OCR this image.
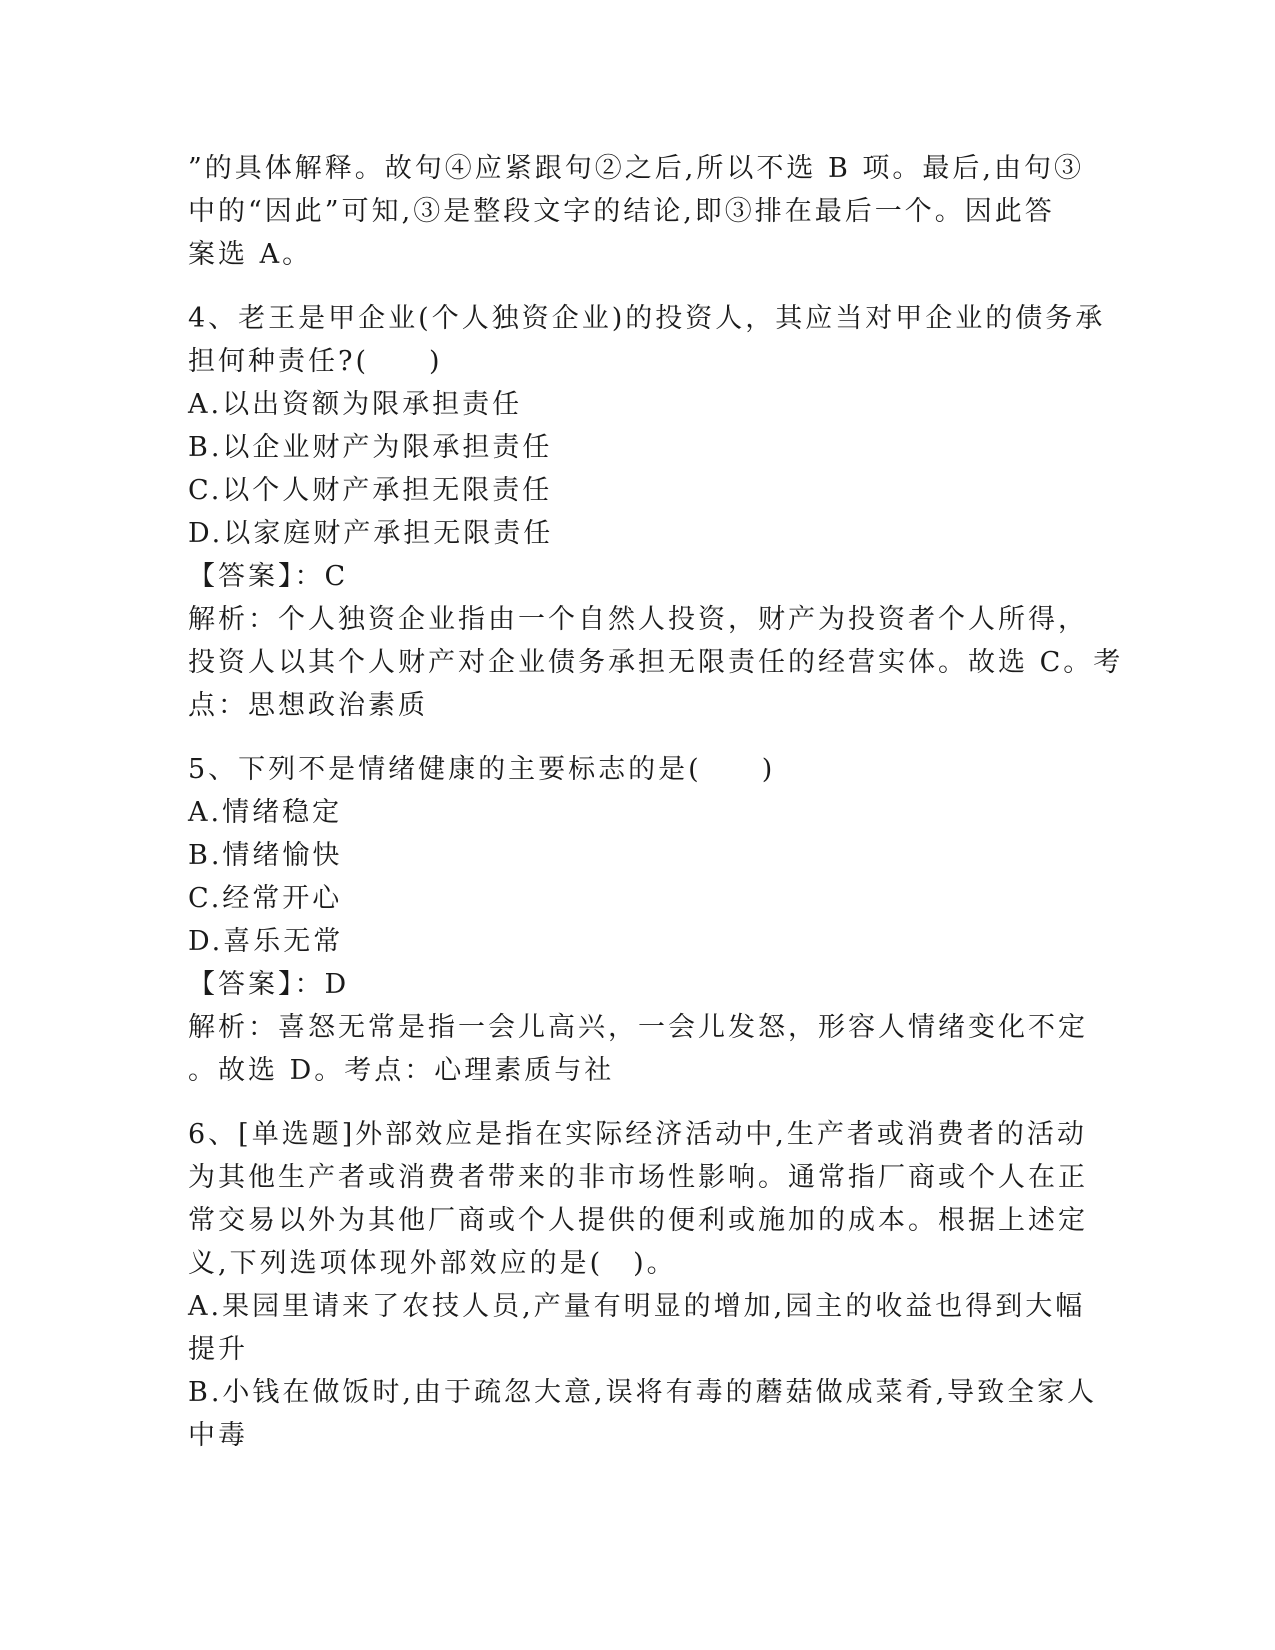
”的具体解释。故句④应紧跟句②之后,所以不选 B 项。最后,由句③
中的“因此”可知,③是整段文字的结论,即③排在最后一个。因此答
案选 A。
4、老王是甲企业(个人独资企业)的投资人，其应当对甲企业的债务承
担何种责任?(　　)
A.以出资额为限承担责任
B.以企业财产为限承担责任
C.以个人财产承担无限责任
D.以家庭财产承担无限责任
【答案】：C
解析：个人独资企业指由一个自然人投资，财产为投资者个人所得，
投资人以其个人财产对企业债务承担无限责任的经营实体。故选 C。考
点：思想政治素质
5、下列不是情绪健康的主要标志的是(　　)
A.情绪稳定
B.情绪愉快
C.经常开心
D.喜乐无常
【答案】：D
解析：喜怒无常是指一会儿高兴，一会儿发怒，形容人情绪变化不定
。故选 D。考点：心理素质与社
6、[单选题]外部效应是指在实际经济活动中,生产者或消费者的活动
为其他生产者或消费者带来的非市场性影响。通常指厂商或个人在正
常交易以外为其他厂商或个人提供的便利或施加的成本。根据上述定
义,下列选项体现外部效应的是(　)。
A.果园里请来了农技人员,产量有明显的增加,园主的收益也得到大幅
提升
B.小钱在做饭时,由于疏忽大意,误将有毒的蘑菇做成菜肴,导致全家人
中毒
